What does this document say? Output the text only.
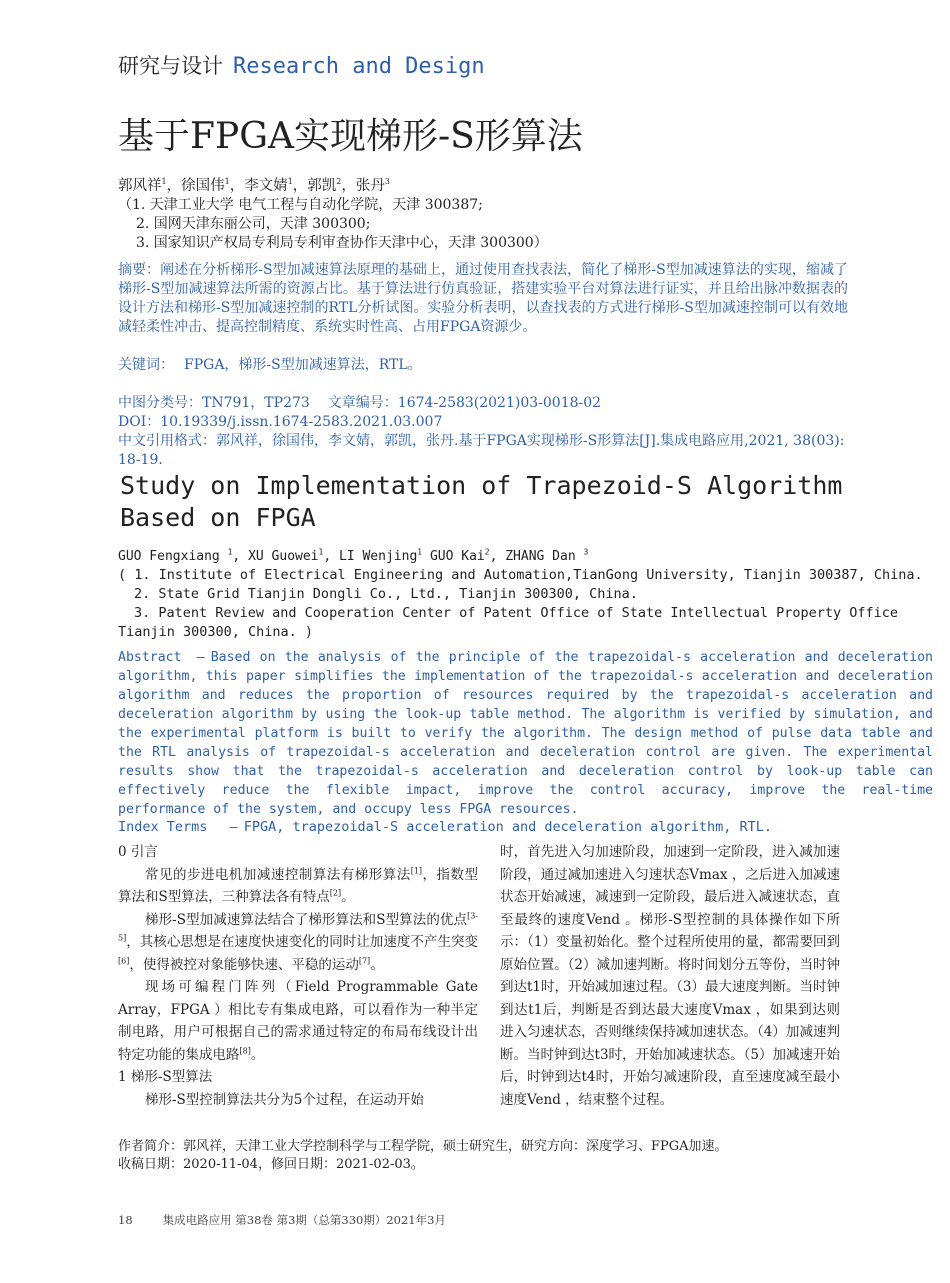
研究与设计 Research and Design
基于FPGA实现梯形-S形算法
郭风祥$^1$，徐国伟$^1$，李文婧$^1$，郭凯$^2$，张丹$^3$
（1. 天津工业大学 电气工程与自动化学院，天津 300387;
2. 国网天津东丽公司，天津 300300;
3. 国家知识产权局专利局专利审查协作天津中心，天津 300300）
摘要：阐述在分析梯形-S型加减速算法原理的基础上，通过使用查找表法，简化了梯形-S型加减速算法的实现，缩减了梯形-S型加减速算法所需的资源占比。基于算法进行仿真验证，搭建实验平台对算法进行证实，并且给出脉冲数据表的设计方法和梯形-S型加减速控制的RTL分析试图。实验分析表明，以查找表的方式进行梯形-S型加减速控制可以有效地减轻柔性冲击、提高控制精度、系统实时性高、占用FPGA资源少。
关键词： FPGA，梯形-S型加减速算法，RTL。
中图分类号：TN791，TP273 文章编号：1674-2583(2021)03-0018-02
DOI：10.19339/j.issn.1674-2583.2021.03.007
中文引用格式：郭风祥，徐国伟，李文婧，郭凯，张丹.基于FPGA实现梯形-S形算法[J].集成电路应用,2021, 38(03): 18-19.
Study on Implementation of Trapezoid-S Algorithm Based on FPGA
GUO Fengxiang $^1$, XU Guowei$^1$, LI Wenjing$^1$ GUO Kai$^2$, ZHANG Dan $^3$
( 1. Institute of Electrical Engineering and Automation,TianGong University, Tianjin 300387, China.
2. State Grid Tianjin Dongli Co., Ltd., Tianjin 300300, China.
3. Patent Review and Cooperation Center of Patent Office of State Intellectual Property Office
Tianjin 300300, China. )
Abstract — Based on the analysis of the principle of the trapezoidal-s acceleration and deceleration algorithm, this paper simplifies the implementation of the trapezoidal-s acceleration and deceleration algorithm and reduces the proportion of resources required by the trapezoidal-s acceleration and deceleration algorithm by using the look-up table method. The algorithm is verified by simulation, and the experimental platform is built to verify the algorithm. The design method of pulse data table and the RTL analysis of trapezoidal-s acceleration and deceleration control are given. The experimental results show that the trapezoidal-s acceleration and deceleration control by look-up table can effectively reduce the flexible impact, improve the control accuracy, improve the real-time performance of the system, and occupy less FPGA resources.
Index Terms — FPGA, trapezoidal-S acceleration and deceleration algorithm, RTL.

0 引言

常见的步进电机加减速控制算法有梯形算法[1]，指数型算法和S型算法，三种算法各有特点[2]。

梯形-S型加减速算法结合了梯形算法和S型算法的优点[3-5]，其核心思想是在速度快速变化的同时让加速度不产生突变[6]，使得被控对象能够快速、平稳的运动[7]。

现场可编程门阵列（Field Programmable Gate Array，FPGA ）相比专有集成电路，可以看作为一种半定制电路，用户可根据自己的需求通过特定的布局布线设计出特定功能的集成电路[8]。

1 梯形-S型算法

梯形-S型控制算法共分为5个过程，在运动开始

时，首先进入匀加速阶段，加速到一定阶段，进入减加速阶段，通过减加速进入匀速状态Vmax ，之后进入加减速状态开始减速，减速到一定阶段，最后进入减速状态，直至最终的速度Vend 。梯形-S型控制的具体操作如下所示：（1）变量初始化。整个过程所使用的量，都需要回到原始位置。（2）减加速判断。将时间划分五等份，当时钟到达t1时，开始减加速过程。（3）最大速度判断。当时钟到达t1后，判断是否到达最大速度Vmax ，如果到达则进入匀速状态，否则继续保持减加速状态。（4）加减速判断。当时钟到达t3时，开始加减速状态。（5）加减速开始后，时钟到达t4时，开始匀减速阶段，直至速度减至最小速度Vend ，结束整个过程。

作者简介：郭风祥，天津工业大学控制科学与工程学院，硕士研究生，研究方向：深度学习、FPGA加速。
收稿日期：2020-11-04，修回日期：2021-02-03。
18	集成电路应用 第38卷 第3期（总第330期）2021年3月
